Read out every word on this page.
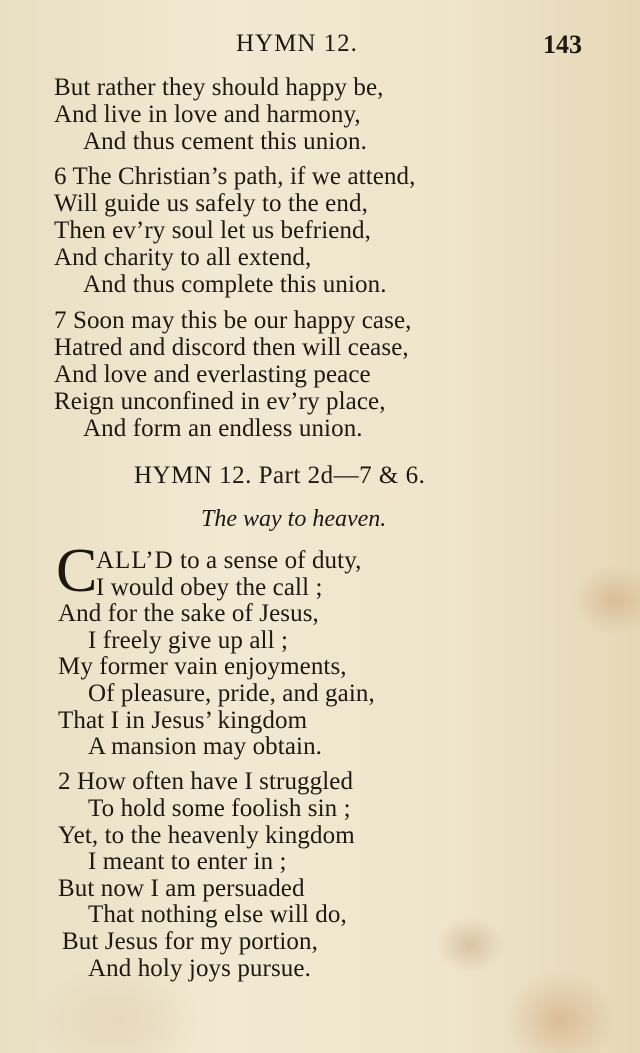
HYMN 12.	143
But rather they should happy be,
And live in love and harmony,
And thus cement this union.
6 The Christian’s path, if we attend,
Will guide us safely to the end,
Then ev’ry soul let us befriend,
And charity to all extend,
And thus complete this union.
7 Soon may this be our happy case,
Hatred and discord then will cease,
And love and everlasting peace
Reign unconfined in ev’ry place,
And form an endless union.
HYMN 12. Part 2d—7 & 6.
The way to heaven.
C
ALL’D to a sense of duty,
I would obey the call ;
And for the sake of Jesus,
I freely give up all ;
My former vain enjoyments,
Of pleasure, pride, and gain,
That I in Jesus’ kingdom
A mansion may obtain.
2 How often have I struggled
To hold some foolish sin ;
Yet, to the heavenly kingdom
I meant to enter in ;
But now I am persuaded
That nothing else will do,
But Jesus for my portion,
And holy joys pursue.
